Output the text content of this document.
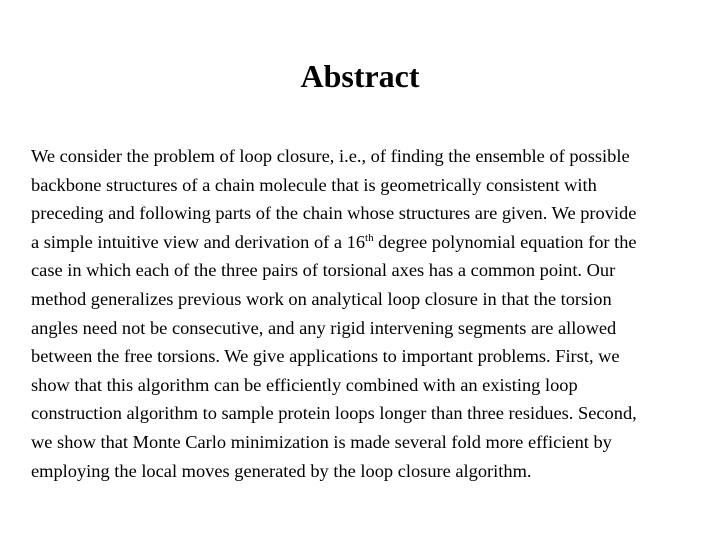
Abstract

We consider the problem of loop closure, i.e., of finding the ensemble of possible
backbone structures of a chain molecule that is geometrically consistent with
preceding and following parts of the chain whose structures are given. We provide
a simple intuitive view and derivation of a 16th degree polynomial equation for the
case in which each of the three pairs of torsional axes has a common point. Our
method generalizes previous work on analytical loop closure in that the torsion
angles need not be consecutive, and any rigid intervening segments are allowed
between the free torsions. We give applications to important problems. First, we
show that this algorithm can be efficiently combined with an existing loop
construction algorithm to sample protein loops longer than three residues. Second,
we show that Monte Carlo minimization is made several fold more efficient by
employing the local moves generated by the loop closure algorithm.
